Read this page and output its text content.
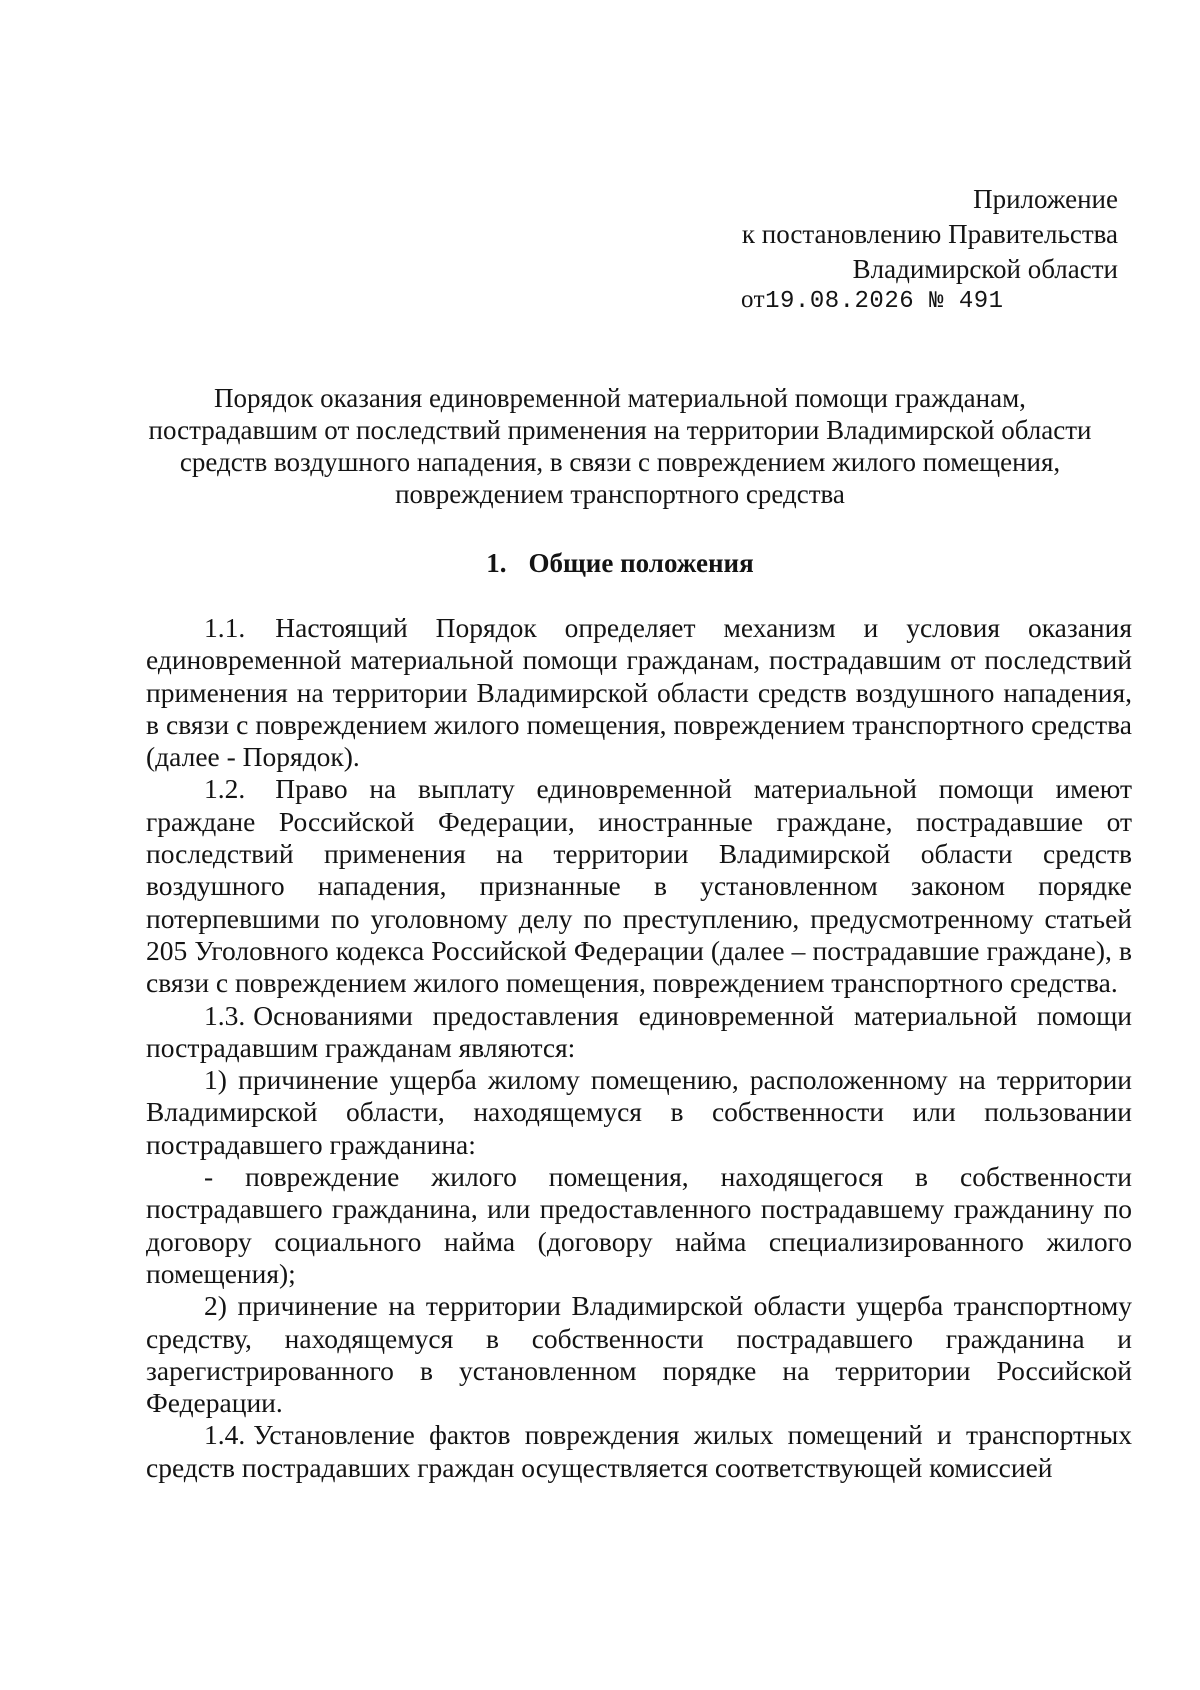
Приложение
к постановлению Правительства
Владимирской области
от19.08.2026 № 491
Порядок оказания единовременной материальной помощи гражданам,
пострадавшим от последствий применения на территории Владимирской области
средств воздушного нападения, в связи с повреждением жилого помещения,
повреждением транспортного средства
1. Общие положения

1.1. Настоящий Порядок определяет механизм и условия оказания единовременной материальной помощи гражданам, пострадавшим от последствий применения на территории Владимирской области средств воздушного нападения, в связи с повреждением жилого помещения, повреждением транспортного средства (далее - Порядок).

1.2. Право на выплату единовременной материальной помощи имеют граждане Российской Федерации, иностранные граждане, пострадавшие от последствий применения на территории Владимирской области средств воздушного нападения, признанные в установленном законом порядке потерпевшими по уголовному делу по преступлению, предусмотренному статьей 205 Уголовного кодекса Российской Федерации (далее – пострадавшие граждане), в связи с повреждением жилого помещения, повреждением транспортного средства.

1.3. Основаниями предоставления единовременной материальной помощи пострадавшим гражданам являются:

1) причинение ущерба жилому помещению, расположенному на территории Владимирской области, находящемуся в собственности или пользовании пострадавшего гражданина:

- повреждение жилого помещения, находящегося в собственности пострадавшего гражданина, или предоставленного пострадавшему гражданину по договору социального найма (договору найма специализированного жилого помещения);

2) причинение на территории Владимирской области ущерба транспортному средству, находящемуся в собственности пострадавшего гражданина и зарегистрированного в установленном порядке на территории Российской Федерации.

1.4. Установление фактов повреждения жилых помещений и транспортных средств пострадавших граждан осуществляется соответствующей комиссией
